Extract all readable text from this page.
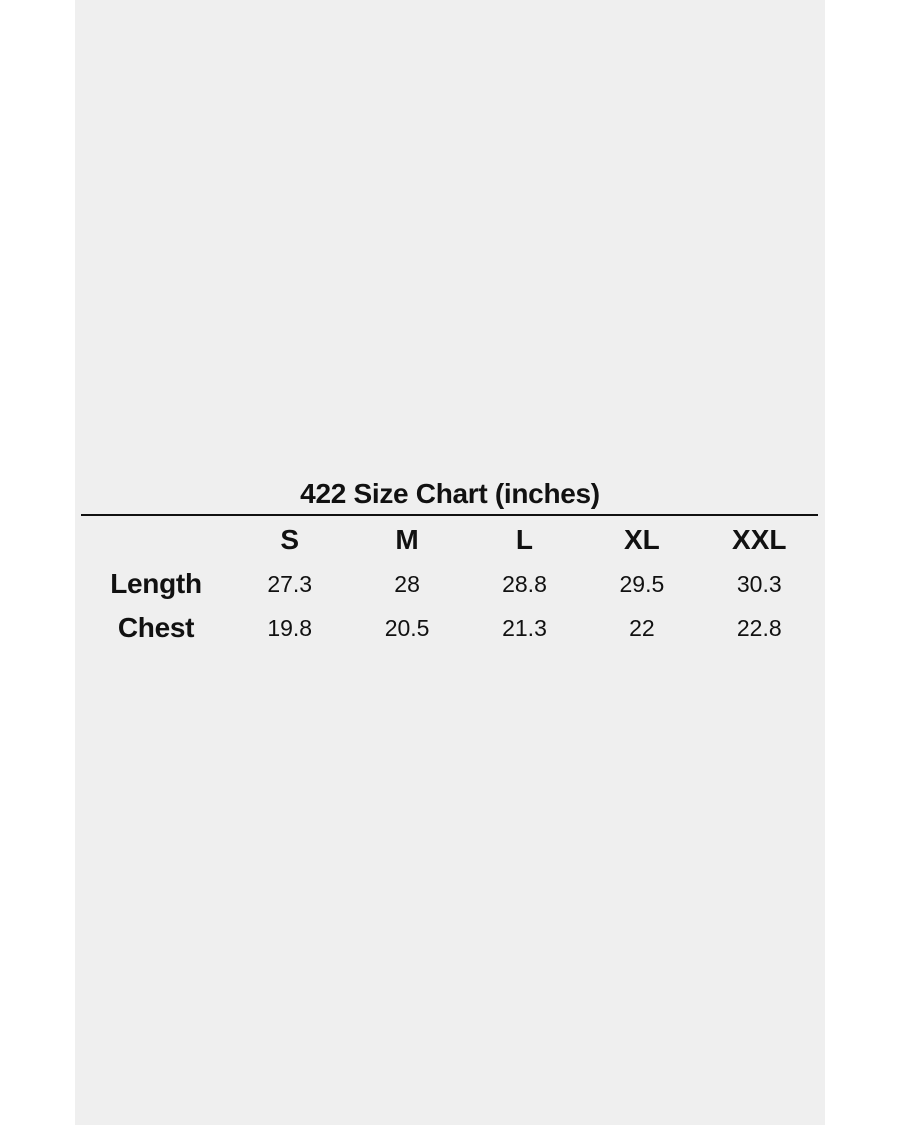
422 Size Chart (inches)
	S	M	L	XL	XXL
Length	27.3	28	28.8	29.5	30.3
Chest	19.8	20.5	21.3	22	22.8
